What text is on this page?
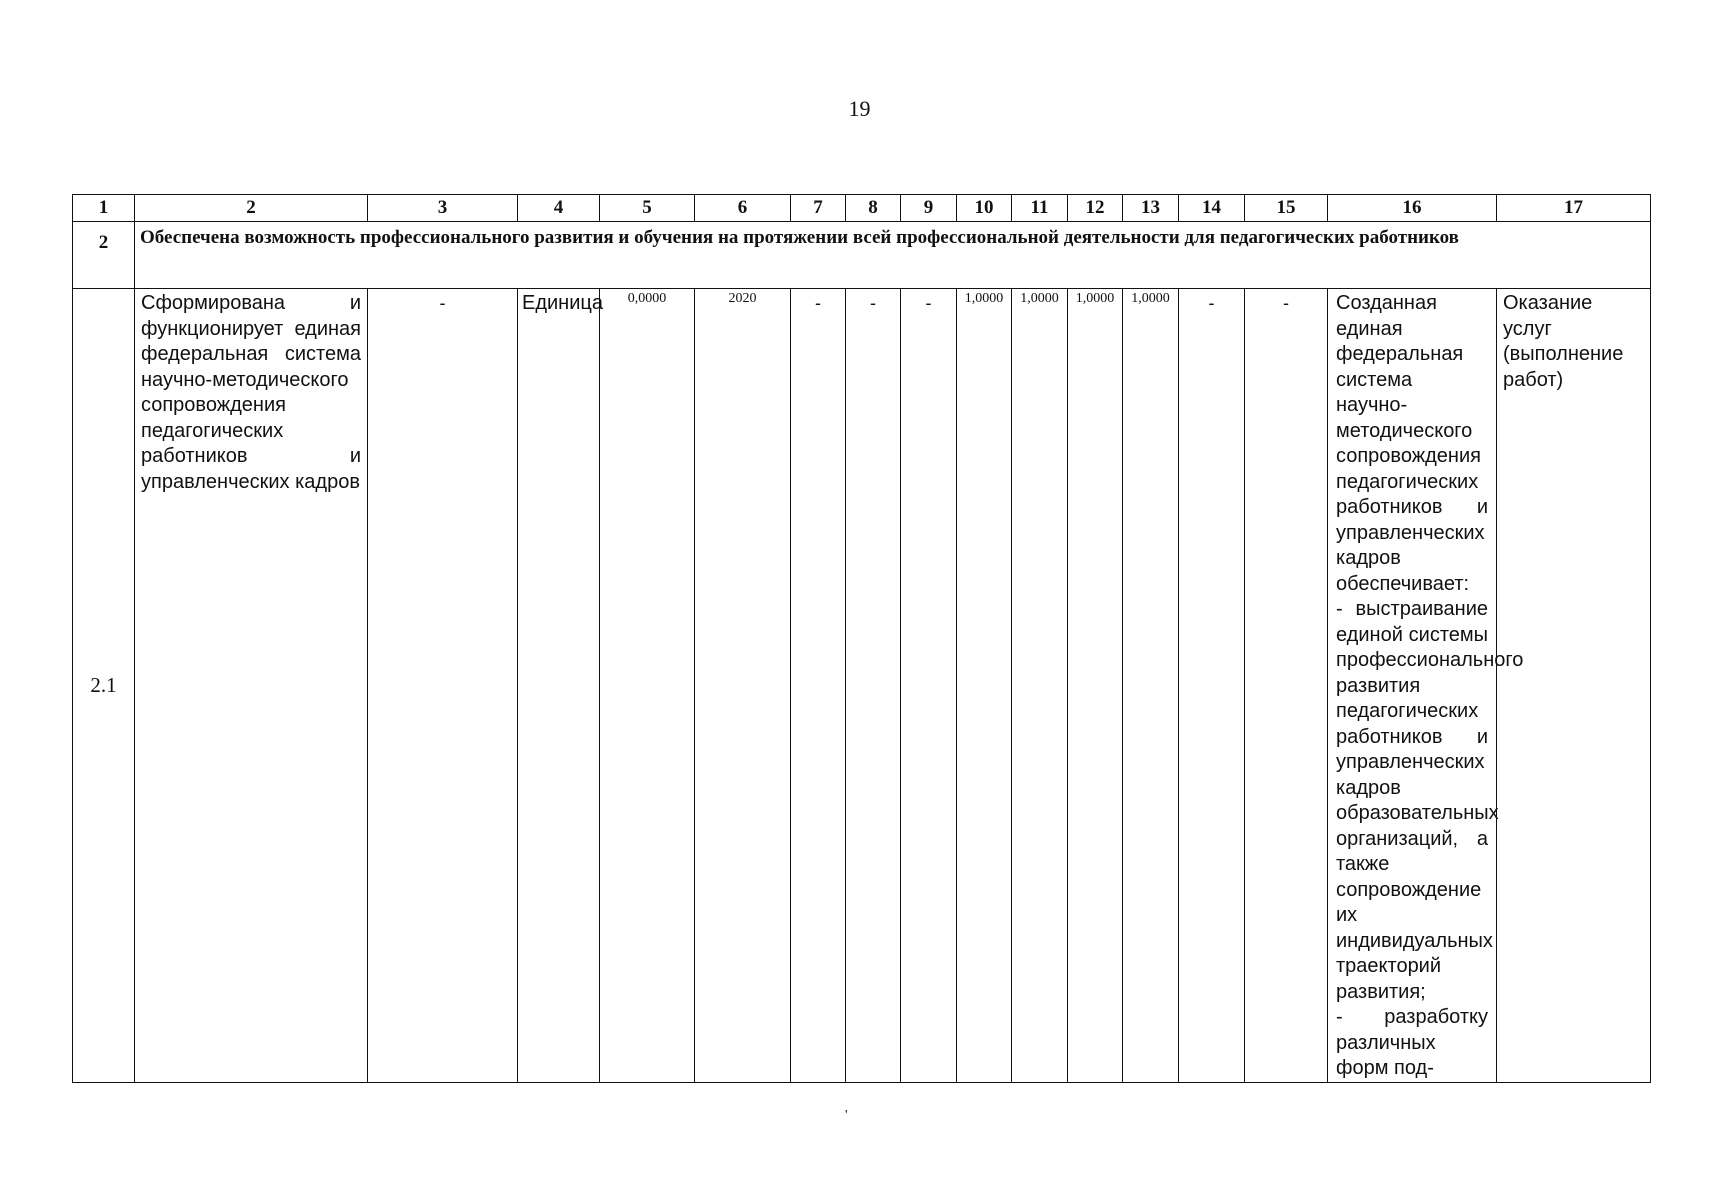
19
1	2	3	4	5	6	7	8	9	10	11	12	13	14	15	16	17
2	Обеспечена возможность профессионального развития и обучения на протяжении всей профессиональной деятельности для педагогических работников															
2.1	Сформирована и функционирует единая федеральная система научно-методического сопровождения педагогических работников и управленческих кадров	-	Единица	0,0000	2020	-	-	-	1,0000	1,0000	1,0000	1,0000	-	-	Созданная единая федеральная система научно-методического сопровождения педагогических работников и управленческих кадров обеспечивает:
- выстраивание единой системы профессионального развития педагогических работников и управленческих кадров образовательных организаций, а также сопровождение их индивидуальных траекторий развития;
- разработку различных форм под-	Оказание услуг (выполнение работ)
'
